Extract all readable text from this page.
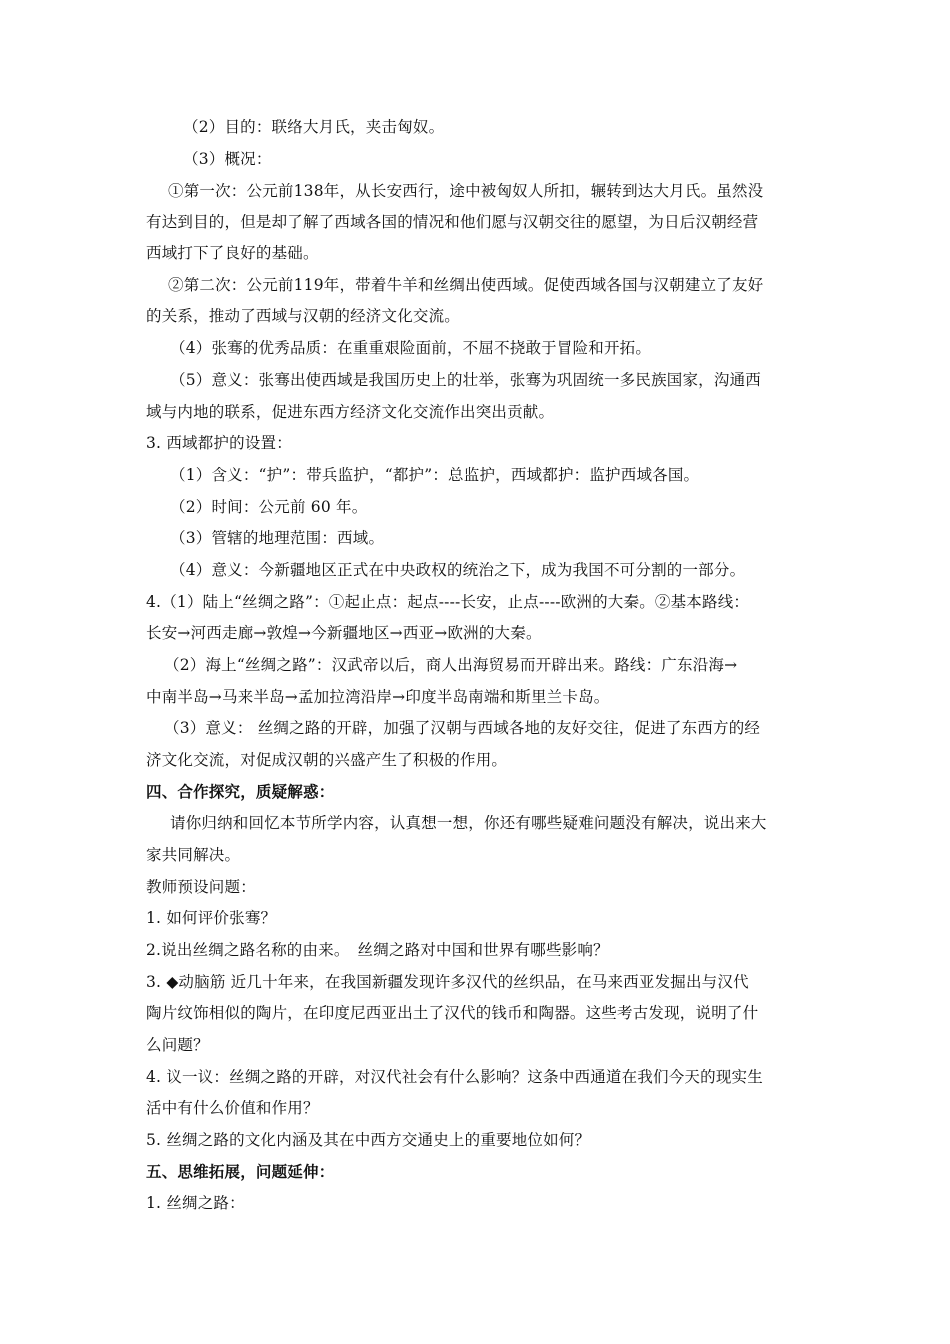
（2）目的：联络大月氏，夹击匈奴。
（3）概况：
①第一次：公元前138年，从长安西行，途中被匈奴人所扣，辗转到达大月氏。虽然没
有达到目的，但是却了解了西域各国的情况和他们愿与汉朝交往的愿望，为日后汉朝经营
西域打下了良好的基础。
②第二次：公元前119年，带着牛羊和丝绸出使西域。促使西域各国与汉朝建立了友好
的关系，推动了西域与汉朝的经济文化交流。
（4）张骞的优秀品质：在重重艰险面前，不屈不挠敢于冒险和开拓。
（5）意义：张骞出使西域是我国历史上的壮举，张骞为巩固统一多民族国家，沟通西
域与内地的联系，促进东西方经济文化交流作出突出贡献。
3. 西域都护的设置：
（1）含义：“护”：带兵监护，“都护”：总监护，西域都护：监护西域各国。
（2）时间：公元前 60 年。
（3）管辖的地理范围：西域。
（4）意义：今新疆地区正式在中央政权的统治之下，成为我国不可分割的一部分。
4.（1）陆上“丝绸之路”：①起止点：起点----长安，止点----欧洲的大秦。②基本路线：
长安→河西走廊→敦煌→今新疆地区→西亚→欧洲的大秦。
（2）海上“丝绸之路”：汉武帝以后，商人出海贸易而开辟出来。路线：广东沿海→
中南半岛→马来半岛→孟加拉湾沿岸→印度半岛南端和斯里兰卡岛。
（3）意义： 丝绸之路的开辟，加强了汉朝与西域各地的友好交往，促进了东西方的经
济文化交流，对促成汉朝的兴盛产生了积极的作用。
四、合作探究，质疑解惑：
请你归纳和回忆本节所学内容，认真想一想，你还有哪些疑难问题没有解决，说出来大
家共同解决。
教师预设问题：
1. 如何评价张骞？
2.说出丝绸之路名称的由来。　丝绸之路对中国和世界有哪些影响？
3. ◆动脑筋 近几十年来，在我国新疆发现许多汉代的丝织品，在马来西亚发掘出与汉代
陶片纹饰相似的陶片，在印度尼西亚出土了汉代的钱币和陶器。这些考古发现，说明了什
么问题？
4. 议一议：丝绸之路的开辟，对汉代社会有什么影响？这条中西通道在我们今天的现实生
活中有什么价值和作用？
5. 丝绸之路的文化内涵及其在中西方交通史上的重要地位如何？
五、思维拓展，问题延伸：
1. 丝绸之路：
